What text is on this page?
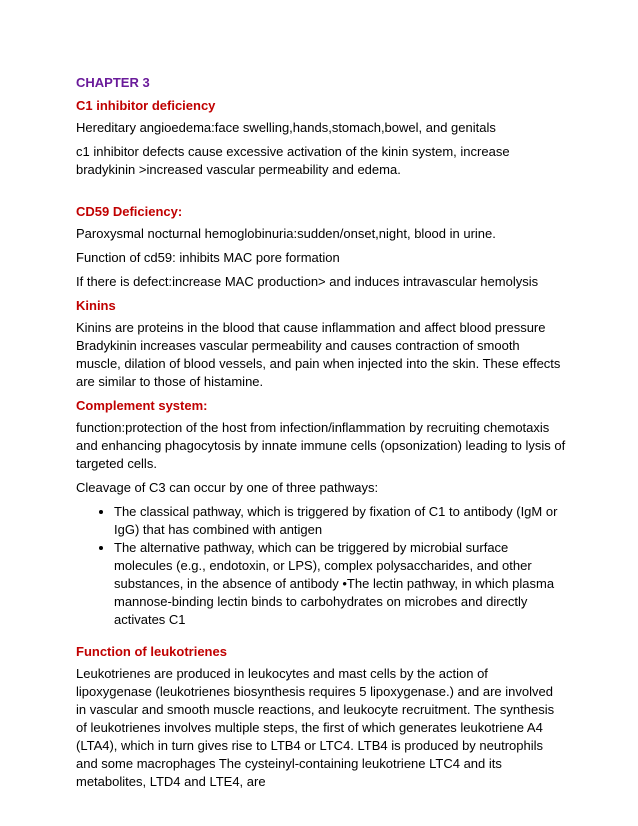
CHAPTER 3
C1 inhibitor deficiency

Hereditary angioedema:face swelling,hands,stomach,bowel, and genitals

c1 inhibitor defects cause excessive activation of the kinin system, increase bradykinin >increased vascular permeability and edema.

CD59 Deficiency:

Paroxysmal nocturnal hemoglobinuria:sudden/onset,night, blood in urine.

Function of cd59: inhibits MAC pore formation

If there is defect:increase MAC production> and induces intravascular hemolysis

Kinins

Kinins are proteins in the blood that cause inflammation and affect blood pressure Bradykinin increases vascular permeability and causes contraction of smooth muscle, dilation of blood vessels, and pain when injected into the skin. These effects are similar to those of histamine.

Complement system:

function:protection of the host from infection/inflammation by recruiting chemotaxis and enhancing phagocytosis by innate immune cells (opsonization) leading to lysis of targeted cells.

Cleavage of C3 can occur by one of three pathways:

• The classical pathway, which is triggered by fixation of C1 to antibody (IgM or IgG) that has combined with antigen
• The alternative pathway, which can be triggered by microbial surface molecules (e.g., endotoxin, or LPS), complex polysaccharides, and other substances, in the absence of antibody •The lectin pathway, in which plasma mannose-binding lectin binds to carbohydrates on microbes and directly activates C1
Function of leukotrienes

Leukotrienes are produced in leukocytes and mast cells by the action of lipoxygenase (leukotrienes biosynthesis requires 5 lipoxygenase.) and are involved in vascular and smooth muscle reactions, and leukocyte recruitment. The synthesis of leukotrienes involves multiple steps, the first of which generates leukotriene A4 (LTA4), which in turn gives rise to LTB4 or LTC4. LTB4 is produced by neutrophils and some macrophages The cysteinyl-containing leukotriene LTC4 and its metabolites, LTD4 and LTE4, are
